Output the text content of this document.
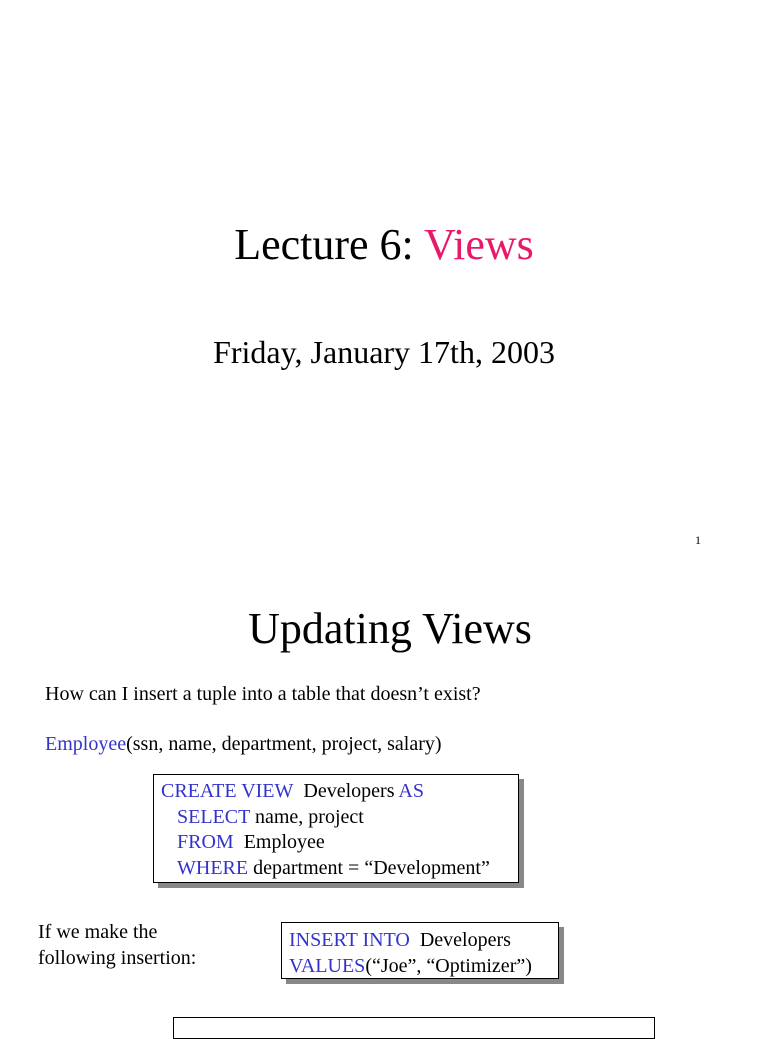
Lecture 6: Views
Friday, January 17th, 2003
1
Updating Views
How can I insert a tuple into a table that doesn’t exist?
Employee(ssn, name, department, project, salary)
CREATE VIEW Developers AS
SELECT name, project
FROM Employee
WHERE department = “Development”
If we make the
following insertion:
INSERT INTO Developers
VALUES(“Joe”, “Optimizer”)
